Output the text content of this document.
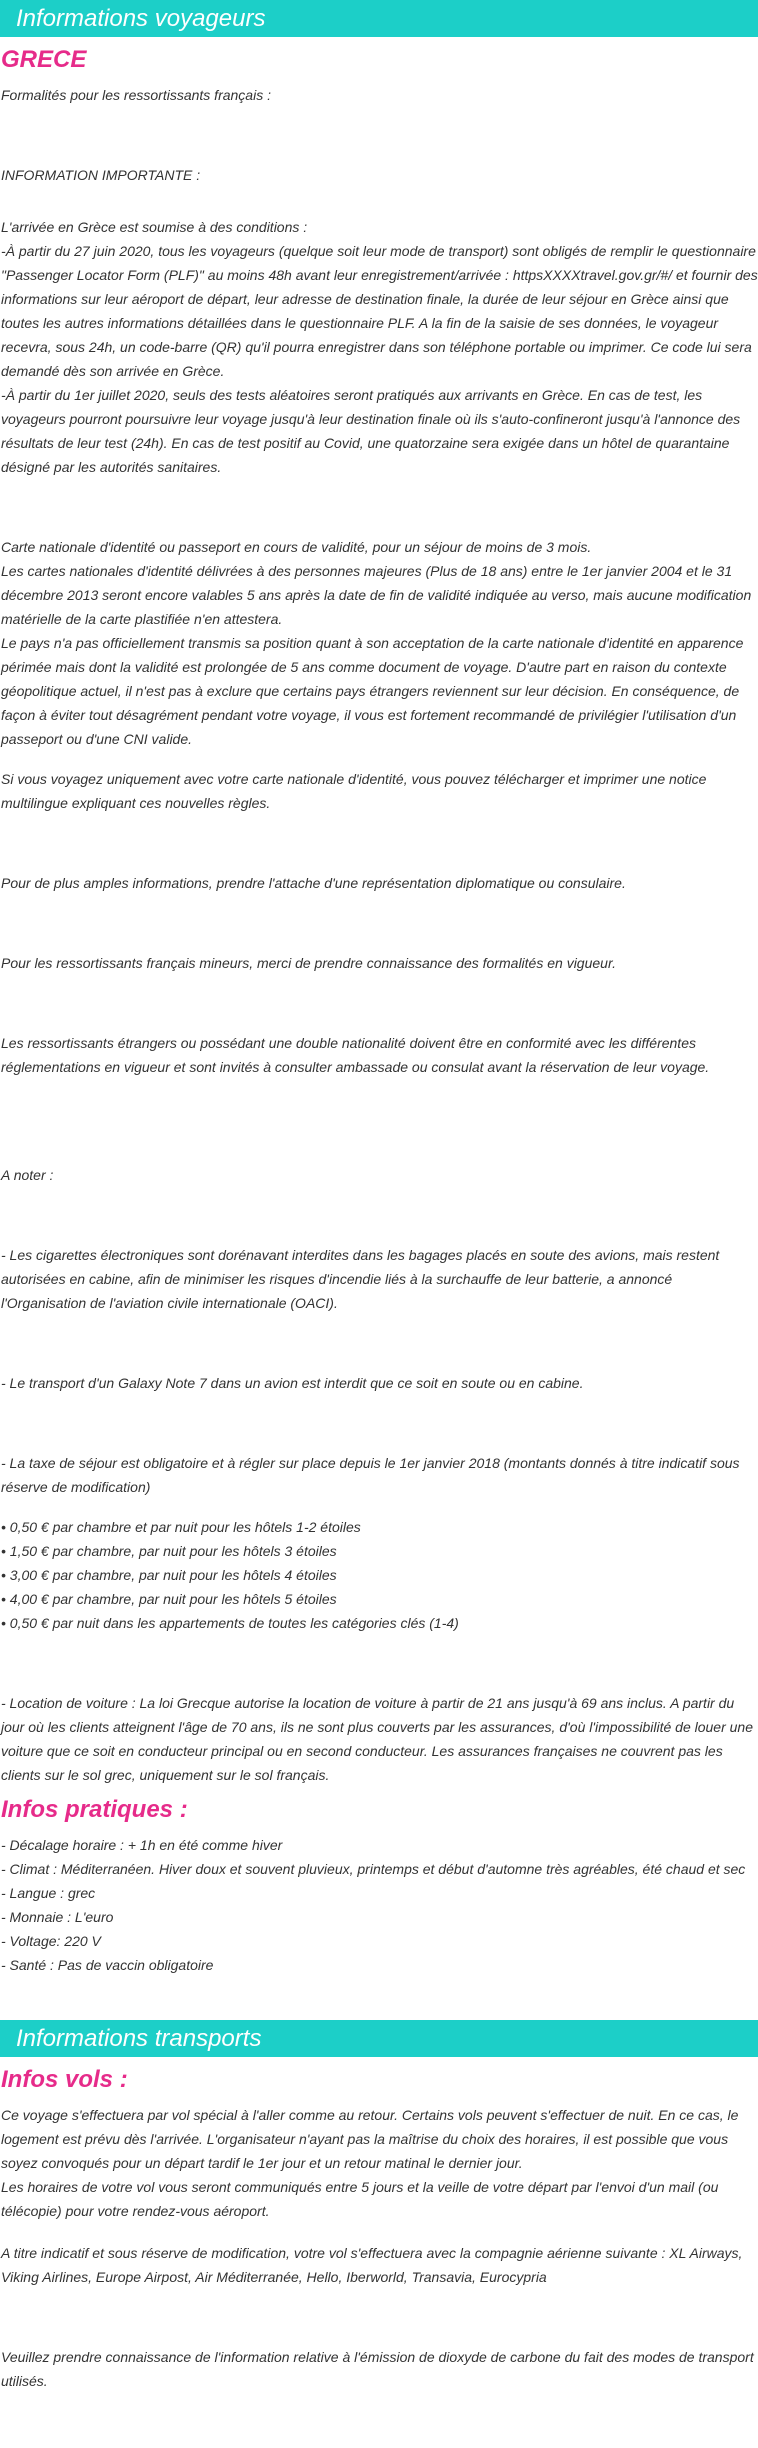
Informations voyageurs
GRECE

Formalités pour les ressortissants français :

INFORMATION IMPORTANTE :

L'arrivée en Grèce est soumise à des conditions :
-À partir du 27 juin 2020, tous les voyageurs (quelque soit leur mode de transport) sont obligés de remplir le questionnaire "Passenger Locator Form (PLF)" au moins 48h avant leur enregistrement/arrivée : httpsXXXXtravel.gov.gr/#/ et fournir des informations sur leur aéroport de départ, leur adresse de destination finale, la durée de leur séjour en Grèce ainsi que toutes les autres informations détaillées dans le questionnaire PLF. A la fin de la saisie de ses données, le voyageur recevra, sous 24h, un code-barre (QR) qu'il pourra enregistrer dans son téléphone portable ou imprimer. Ce code lui sera demandé dès son arrivée en Grèce.
-À partir du 1er juillet 2020, seuls des tests aléatoires seront pratiqués aux arrivants en Grèce. En cas de test, les voyageurs pourront poursuivre leur voyage jusqu'à leur destination finale où ils s'auto-confineront jusqu'à l'annonce des résultats de leur test (24h). En cas de test positif au Covid, une quatorzaine sera exigée dans un hôtel de quarantaine désigné par les autorités sanitaires.

Carte nationale d'identité ou passeport en cours de validité, pour un séjour de moins de 3 mois.
Les cartes nationales d'identité délivrées à des personnes majeures (Plus de 18 ans) entre le 1er janvier 2004 et le 31 décembre 2013 seront encore valables 5 ans après la date de fin de validité indiquée au verso, mais aucune modification matérielle de la carte plastifiée n'en attestera.
Le pays n'a pas officiellement transmis sa position quant à son acceptation de la carte nationale d'identité en apparence périmée mais dont la validité est prolongée de 5 ans comme document de voyage. D'autre part en raison du contexte géopolitique actuel, il n'est pas à exclure que certains pays étrangers reviennent sur leur décision. En conséquence, de façon à éviter tout désagrément pendant votre voyage, il vous est fortement recommandé de privilégier l'utilisation d'un passeport ou d'une CNI valide.

Si vous voyagez uniquement avec votre carte nationale d'identité, vous pouvez télécharger et imprimer une notice multilingue expliquant ces nouvelles règles.

Pour de plus amples informations, prendre l'attache d'une représentation diplomatique ou consulaire.

Pour les ressortissants français mineurs, merci de prendre connaissance des formalités en vigueur.

Les ressortissants étrangers ou possédant une double nationalité doivent être en conformité avec les différentes réglementations en vigueur et sont invités à consulter ambassade ou consulat avant la réservation de leur voyage.

A noter :

- Les cigarettes électroniques sont dorénavant interdites dans les bagages placés en soute des avions, mais restent autorisées en cabine, afin de minimiser les risques d'incendie liés à la surchauffe de leur batterie, a annoncé l'Organisation de l'aviation civile internationale (OACI).

- Le transport d'un Galaxy Note 7 dans un avion est interdit que ce soit en soute ou en cabine.

- La taxe de séjour est obligatoire et à régler sur place depuis le 1er janvier 2018 (montants donnés à titre indicatif sous réserve de modification)

• 0,50 € par chambre et par nuit pour les hôtels 1-2 étoiles
• 1,50 € par chambre, par nuit pour les hôtels 3 étoiles
• 3,00 € par chambre, par nuit pour les hôtels 4 étoiles
• 4,00 € par chambre, par nuit pour les hôtels 5 étoiles
• 0,50 € par nuit dans les appartements de toutes les catégories clés (1-4)

- Location de voiture : La loi Grecque autorise la location de voiture à partir de 21 ans jusqu'à 69 ans inclus. A partir du jour où les clients atteignent l'âge de 70 ans, ils ne sont plus couverts par les assurances, d'où l'impossibilité de louer une voiture que ce soit en conducteur principal ou en second conducteur. Les assurances françaises ne couvrent pas les clients sur le sol grec, uniquement sur le sol français.

Infos pratiques :
- Décalage horaire : + 1h en été comme hiver
- Climat : Méditerranéen. Hiver doux et souvent pluvieux, printemps et début d'automne très agréables, été chaud et sec
- Langue : grec
- Monnaie : L'euro
- Voltage: 220 V
- Santé : Pas de vaccin obligatoire
Informations transports
Infos vols :

Ce voyage s'effectuera par vol spécial à l'aller comme au retour. Certains vols peuvent s'effectuer de nuit. En ce cas, le logement est prévu dès l'arrivée. L'organisateur n'ayant pas la maîtrise du choix des horaires, il est possible que vous soyez convoqués pour un départ tardif le 1er jour et un retour matinal le dernier jour.
Les horaires de votre vol vous seront communiqués entre 5 jours et la veille de votre départ par l'envoi d'un mail (ou télécopie) pour votre rendez-vous aéroport.

A titre indicatif et sous réserve de modification, votre vol s'effectuera avec la compagnie aérienne suivante : XL Airways, Viking Airlines, Europe Airpost, Air Méditerranée, Hello, Iberworld, Transavia, Eurocypria

Veuillez prendre connaissance de l'information relative à l'émission de dioxyde de carbone du fait des modes de transport utilisés.
